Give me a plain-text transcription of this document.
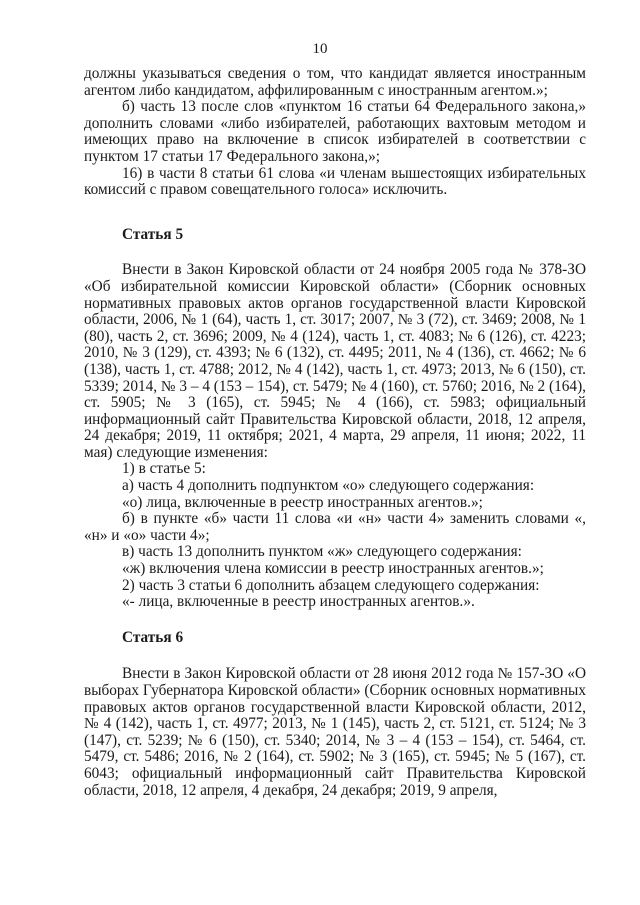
10

должны указываться сведения о том, что кандидат является иностранным агентом либо кандидатом, аффилированным с иностранным агентом.»;

б) часть 13 после слов «пунктом 16 статьи 64 Федерального закона,» дополнить словами «либо избирателей, работающих вахтовым методом и имеющих право на включение в список избирателей в соответствии с пунктом 17 статьи 17 Федерального закона,»;

16) в части 8 статьи 61 слова «и членам вышестоящих избирательных комиссий с правом совещательного голоса» исключить.

Статья 5

Внести в Закон Кировской области от 24 ноября 2005 года № 378-ЗО «Об избирательной комиссии Кировской области» (Сборник основных нормативных правовых актов органов государственной власти Кировской области, 2006, № 1 (64), часть 1, ст. 3017; 2007, № 3 (72), ст. 3469; 2008, № 1 (80), часть 2, ст. 3696; 2009, № 4 (124), часть 1, ст. 4083; № 6 (126), ст. 4223; 2010, № 3 (129), ст. 4393; № 6 (132), ст. 4495; 2011, № 4 (136), ст. 4662; № 6 (138), часть 1, ст. 4788; 2012, № 4 (142), часть 1, ст. 4973; 2013, № 6 (150), ст. 5339; 2014, № 3 – 4 (153 – 154), ст. 5479; № 4 (160), ст. 5760; 2016, № 2 (164), ст. 5905; № 3 (165), ст. 5945; № 4 (166), ст. 5983; официальный информационный сайт Правительства Кировской области, 2018, 12 апреля, 24 декабря; 2019, 11 октября; 2021, 4 марта, 29 апреля, 11 июня; 2022, 11 мая) следующие изменения:

1) в статье 5:

а) часть 4 дополнить подпунктом «о» следующего содержания:

«о) лица, включенные в реестр иностранных агентов.»;

б) в пункте «б» части 11 слова «и «н» части 4» заменить словами «, «н» и «о» части 4»;

в) часть 13 дополнить пунктом «ж» следующего содержания:

«ж) включения члена комиссии в реестр иностранных агентов.»;

2) часть 3 статьи 6 дополнить абзацем следующего содержания:

«- лица, включенные в реестр иностранных агентов.».

Статья 6

Внести в Закон Кировской области от 28 июня 2012 года № 157-ЗО «О выборах Губернатора Кировской области» (Сборник основных нормативных правовых актов органов государственной власти Кировской области, 2012, № 4 (142), часть 1, ст. 4977; 2013, № 1 (145), часть 2, ст. 5121, ст. 5124; № 3 (147), ст. 5239; № 6 (150), ст. 5340; 2014, № 3 – 4 (153 – 154), ст. 5464, ст. 5479, ст. 5486; 2016, № 2 (164), ст. 5902; № 3 (165), ст. 5945; № 5 (167), ст. 6043; официальный информационный сайт Правительства Кировской области, 2018, 12 апреля, 4 декабря, 24 декабря; 2019, 9 апреля,
